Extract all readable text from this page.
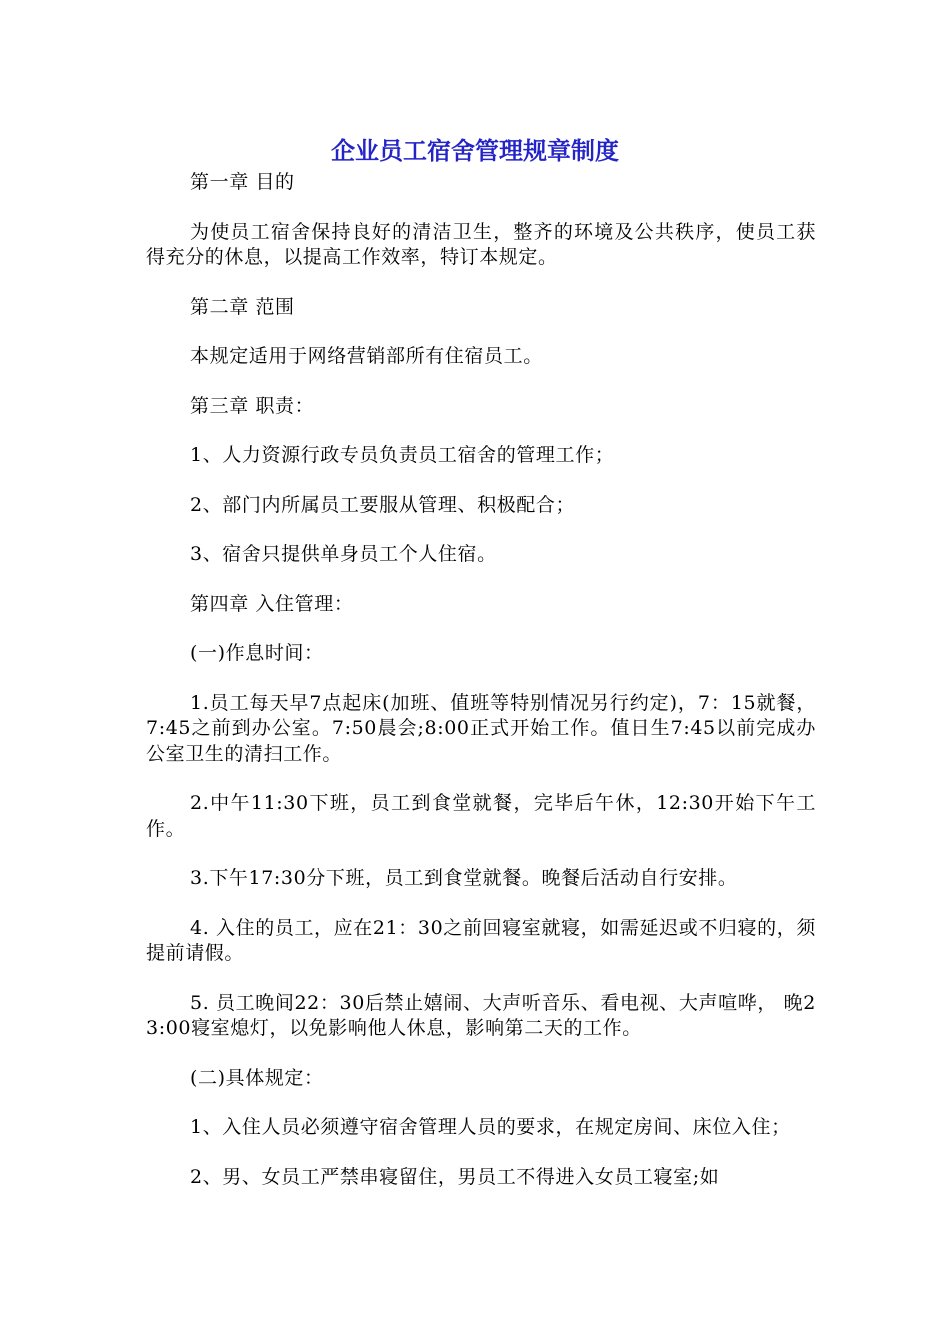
企业员工宿舍管理规章制度

第一章 目的

为使员工宿舍保持良好的清洁卫生，整齐的环境及公共秩序，使员工获得充分的休息，以提高工作效率，特订本规定。

第二章 范围

本规定适用于网络营销部所有住宿员工。

第三章 职责：

1、人力资源行政专员负责员工宿舍的管理工作；

2、部门内所属员工要服从管理、积极配合；

3、宿舍只提供单身员工个人住宿。

第四章 入住管理：

(一)作息时间：

1.员工每天早7点起床(加班、值班等特别情况另行约定)，7：15就餐，7:45之前到办公室。7:50晨会;8:00正式开始工作。值日生7:45以前完成办公室卫生的清扫工作。

2.中午11:30下班，员工到食堂就餐，完毕后午休，12:30开始下午工作。

3.下午17:30分下班，员工到食堂就餐。晚餐后活动自行安排。

4. 入住的员工，应在21：30之前回寝室就寝，如需延迟或不归寝的，须提前请假。

5. 员工晚间22：30后禁止嬉闹、大声听音乐、看电视、大声喧哗， 晚23:00寝室熄灯，以免影响他人休息，影响第二天的工作。

(二)具体规定：

1、入住人员必须遵守宿舍管理人员的要求，在规定房间、床位入住；

2、男、女员工严禁串寝留住，男员工不得进入女员工寝室;如
